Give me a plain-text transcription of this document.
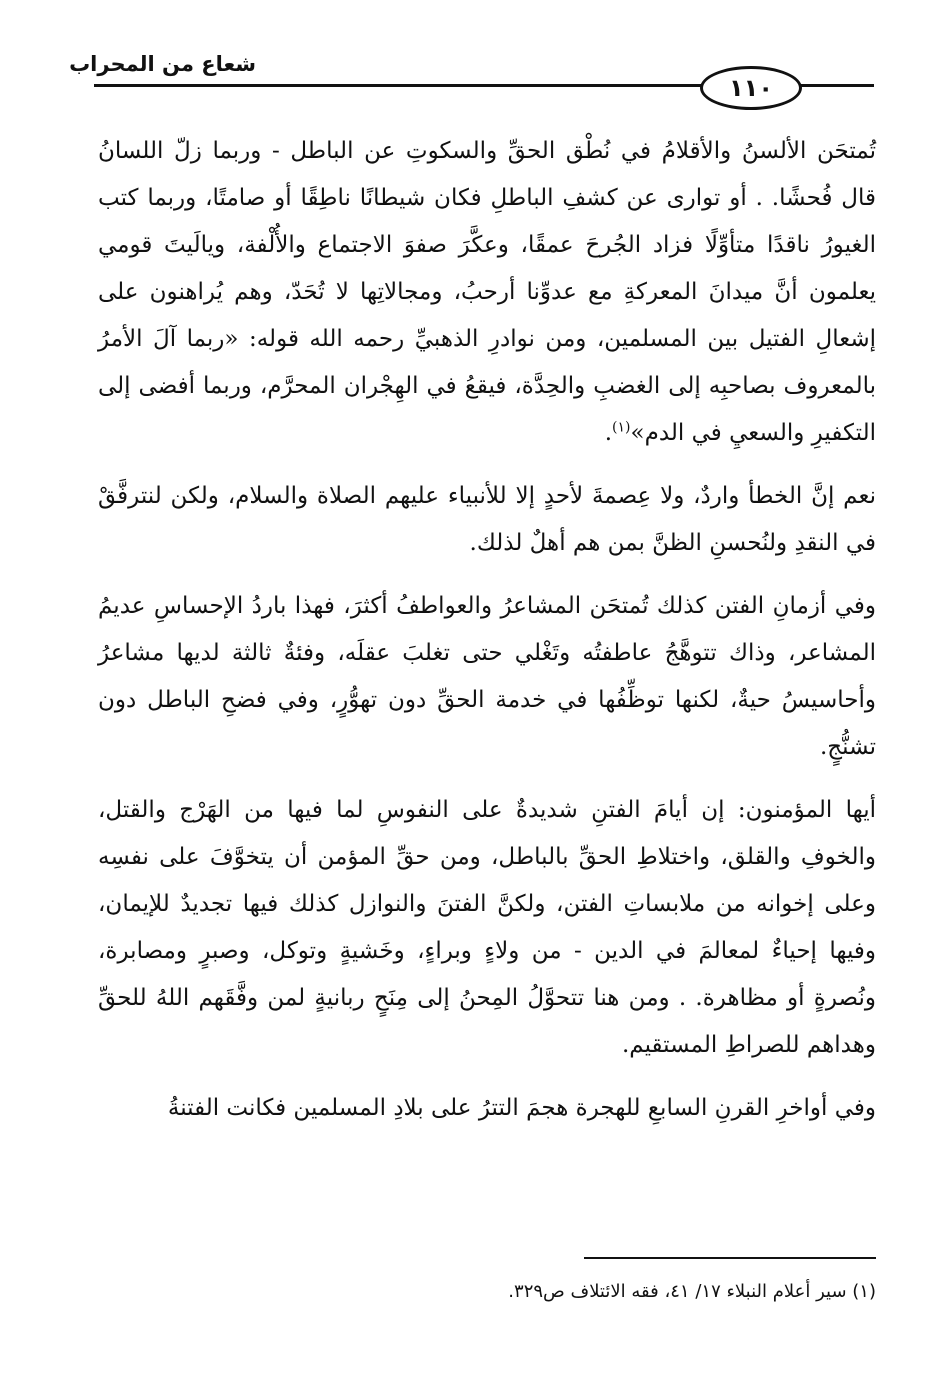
شعاع من المحراب
١١٠

تُمتحَن الألسنُ والأقلامُ في نُطْق الحقِّ والسكوتِ عن الباطل - وربما زلّ اللسانُ قال فُحشًا. . أو توارى عن كشفِ الباطلِ فكان شيطانًا ناطِقًا أو صامتًا، وربما كتب الغيورُ ناقدًا متأوِّلًا فزاد الجُرحَ عمقًا، وعكَّرَ صفوَ الاجتماع والأُلْفة، ويالَيتَ قومي يعلمون أنَّ ميدانَ المعركةِ مع عدوِّنا أرحبُ، ومجالاتِها لا تُحَدّ، وهم يُراهنون على إشعالِ الفتيل بين المسلمين، ومن نوادرِ الذهبيِّ رحمه الله قوله: «ربما آلَ الأمرُ بالمعروف بصاحبِه إلى الغضبِ والحِدَّة، فيقعُ في الهِجْران المحرَّم، وربما أفضى إلى التكفيرِ والسعيِ في الدم»$^{(١)}$.

نعم إنَّ الخطأ واردٌ، ولا عِصمةَ لأحدٍ إلا للأنبياء عليهم الصلاة والسلام، ولكن لنترفَّقْ في النقدِ ولنُحسنِ الظنَّ بمن هم أهلٌ لذلك.

وفي أزمانِ الفتن كذلك تُمتحَن المشاعرُ والعواطفُ أكثرَ، فهذا باردُ الإحساسِ عديمُ المشاعر، وذاك تتوهَّجُ عاطفتُه وتَغْلي حتى تغلبَ عقلَه، وفئةٌ ثالثة لديها مشاعرُ وأحاسيسُ حيةٌ، لكنها توظِّفُها في خدمة الحقِّ دون تهوُّرٍ، وفي فضحِ الباطل دون تشنُّجٍ.

أيها المؤمنون: إن أيامَ الفتنِ شديدةٌ على النفوسِ لما فيها من الهَرْج والقتل، والخوفِ والقلق، واختلاطِ الحقِّ بالباطل، ومن حقِّ المؤمن أن يتخوَّفَ على نفسِه وعلى إخوانه من ملابساتِ الفتن، ولكنَّ الفتنَ والنوازل كذلك فيها تجديدٌ للإيمان، وفيها إحياءٌ لمعالمَ في الدين - من ولاءٍ وبراءٍ، وخَشيةٍ وتوكل، وصبرٍ ومصابرة، ونُصرةٍ أو مظاهرة. . ومن هنا تتحوَّلُ المِحنُ إلى مِنَحٍ ربانيةٍ لمن وفَّقَهم اللهُ للحقِّ وهداهم للصراطِ المستقيم.

وفي أواخرِ القرنِ السابعِ للهجرة هجمَ التترُ على بلادِ المسلمين فكانت الفتنةُ

(١) سير أعلام النبلاء ١٧/ ٤١، فقه الائتلاف ص٣٢٩.
